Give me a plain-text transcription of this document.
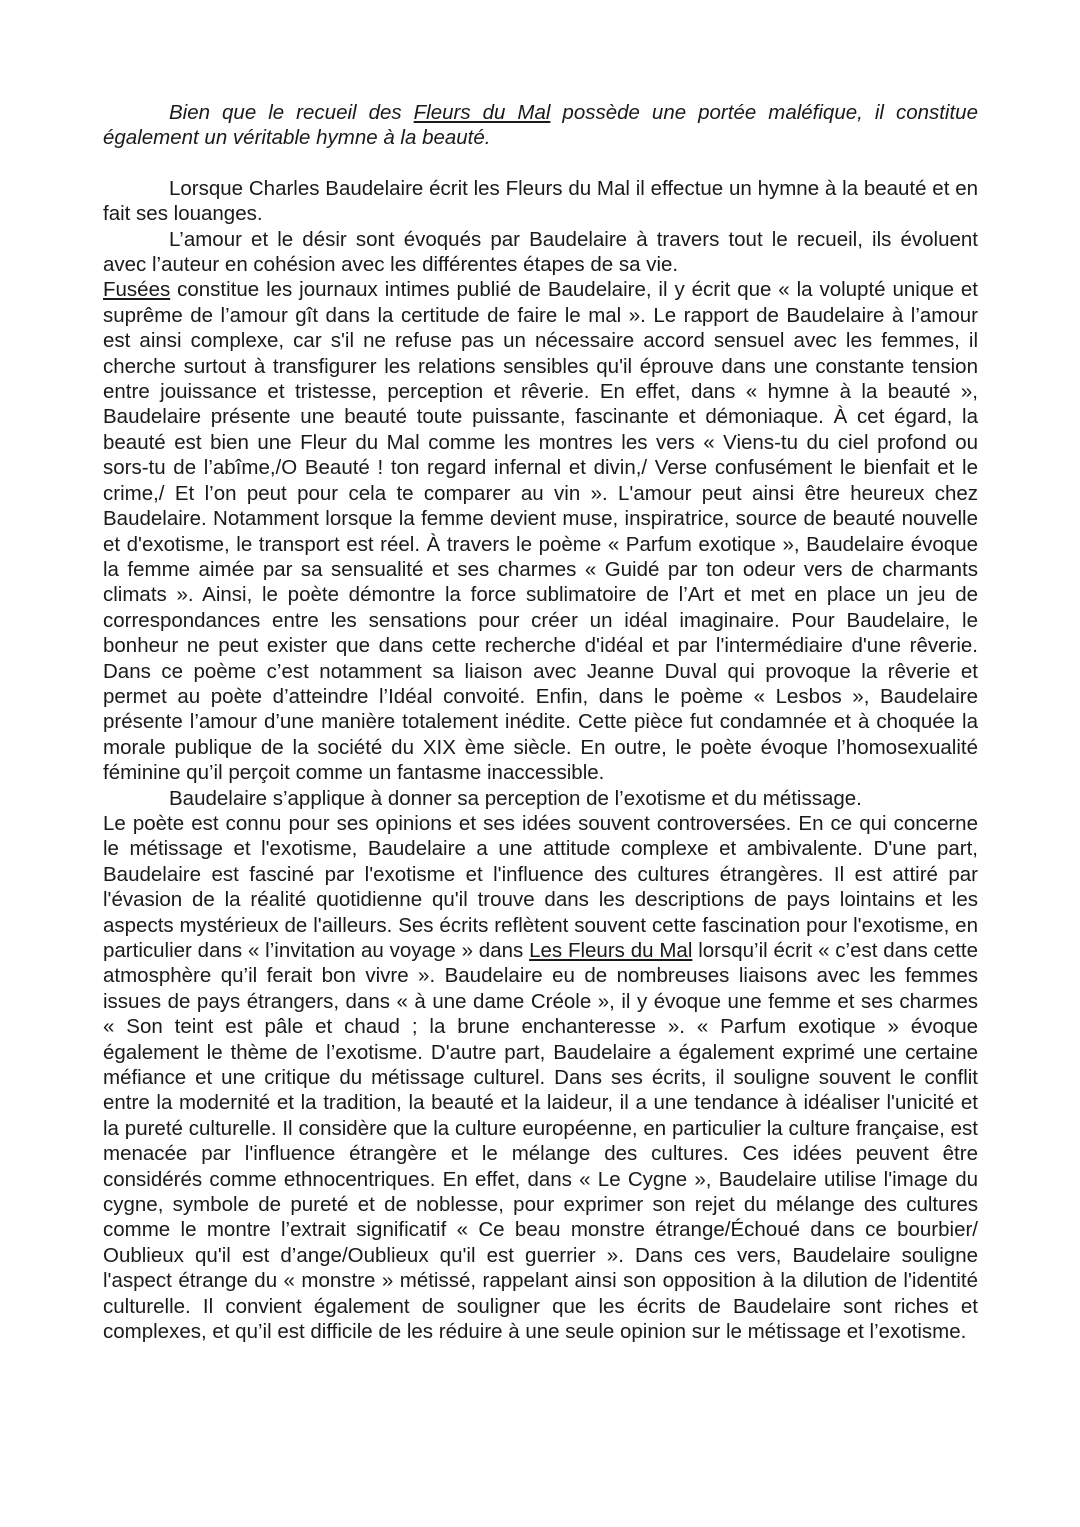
Bien que le recueil des Fleurs du Mal possède une portée maléfique, il constitue également un véritable hymne à la beauté.

Lorsque Charles Baudelaire écrit les Fleurs du Mal il effectue un hymne à la beauté et en fait ses louanges.

L’amour et le désir sont évoqués par Baudelaire à travers tout le recueil, ils évoluent avec l’auteur en cohésion avec les différentes étapes de sa vie.

Fusées constitue les journaux intimes publié de Baudelaire, il y écrit que « la volupté unique et suprême de l’amour gît dans la certitude de faire le mal ». Le rapport de Baudelaire à l’amour est ainsi complexe, car s'il ne refuse pas un nécessaire accord sensuel avec les femmes, il cherche surtout à transfigurer les relations sensibles qu'il éprouve dans une constante tension entre jouissance et tristesse, perception et rêverie. En effet, dans « hymne à la beauté », Baudelaire présente une beauté toute puissante, fascinante et démoniaque. À cet égard, la beauté est bien une Fleur du Mal comme les montres les vers « Viens-tu du ciel profond ou sors-tu de l’abîme,/O Beauté ! ton regard infernal et divin,/ Verse confusément le bienfait et le crime,/ Et l’on peut pour cela te comparer au vin ». L'amour peut ainsi être heureux chez Baudelaire. Notamment lorsque la femme devient muse, inspiratrice, source de beauté nouvelle et d'exotisme, le transport est réel. À travers le poème « Parfum exotique », Baudelaire évoque la femme aimée par sa sensualité et ses charmes « Guidé par ton odeur vers de charmants climats ». Ainsi, le poète démontre la force sublimatoire de l’Art et met en place un jeu de correspondances entre les sensations pour créer un idéal imaginaire. Pour Baudelaire, le bonheur ne peut exister que dans cette recherche d'idéal et par l'intermédiaire d'une rêverie. Dans ce poème c’est notamment sa liaison avec Jeanne Duval qui provoque la rêverie et permet au poète d’atteindre l’Idéal convoité. Enfin, dans le poème « Lesbos », Baudelaire présente l’amour d’une manière totalement inédite. Cette pièce fut condamnée et à choquée la morale publique de la société du XIX ème siècle. En outre, le poète évoque l’homosexualité féminine qu’il perçoit comme un fantasme inaccessible.

Baudelaire s’applique à donner sa perception de l’exotisme et du métissage.

Le poète est connu pour ses opinions et ses idées souvent controversées. En ce qui concerne le métissage et l'exotisme, Baudelaire a une attitude complexe et ambivalente. D'une part, Baudelaire est fasciné par l'exotisme et l'influence des cultures étrangères. Il est attiré par l'évasion de la réalité quotidienne qu'il trouve dans les descriptions de pays lointains et les aspects mystérieux de l'ailleurs. Ses écrits reflètent souvent cette fascination pour l'exotisme, en particulier dans « l’invitation au voyage » dans Les Fleurs du Mal lorsqu’il écrit « c’est dans cette atmosphère qu’il ferait bon vivre ». Baudelaire eu de nombreuses liaisons avec les femmes issues de pays étrangers, dans « à une dame Créole », il y évoque une femme et ses charmes « Son teint est pâle et chaud ; la brune enchanteresse ». « Parfum exotique » évoque également le thème de l’exotisme. D'autre part, Baudelaire a également exprimé une certaine méfiance et une critique du métissage culturel. Dans ses écrits, il souligne souvent le conflit entre la modernité et la tradition, la beauté et la laideur, il a une tendance à idéaliser l'unicité et la pureté culturelle. Il considère que la culture européenne, en particulier la culture française, est menacée par l'influence étrangère et le mélange des cultures. Ces idées peuvent être considérés comme ethnocentriques. En effet, dans « Le Cygne », Baudelaire utilise l'image du cygne, symbole de pureté et de noblesse, pour exprimer son rejet du mélange des cultures comme le montre l’extrait significatif « Ce beau monstre étrange/Échoué dans ce bourbier/ Oublieux qu'il est d’ange/Oublieux qu'il est guerrier ». Dans ces vers, Baudelaire souligne l'aspect étrange du « monstre » métissé, rappelant ainsi son opposition à la dilution de l'identité culturelle. Il convient également de souligner que les écrits de Baudelaire sont riches et complexes, et qu’il est difficile de les réduire à une seule opinion sur le métissage et l’exotisme.
